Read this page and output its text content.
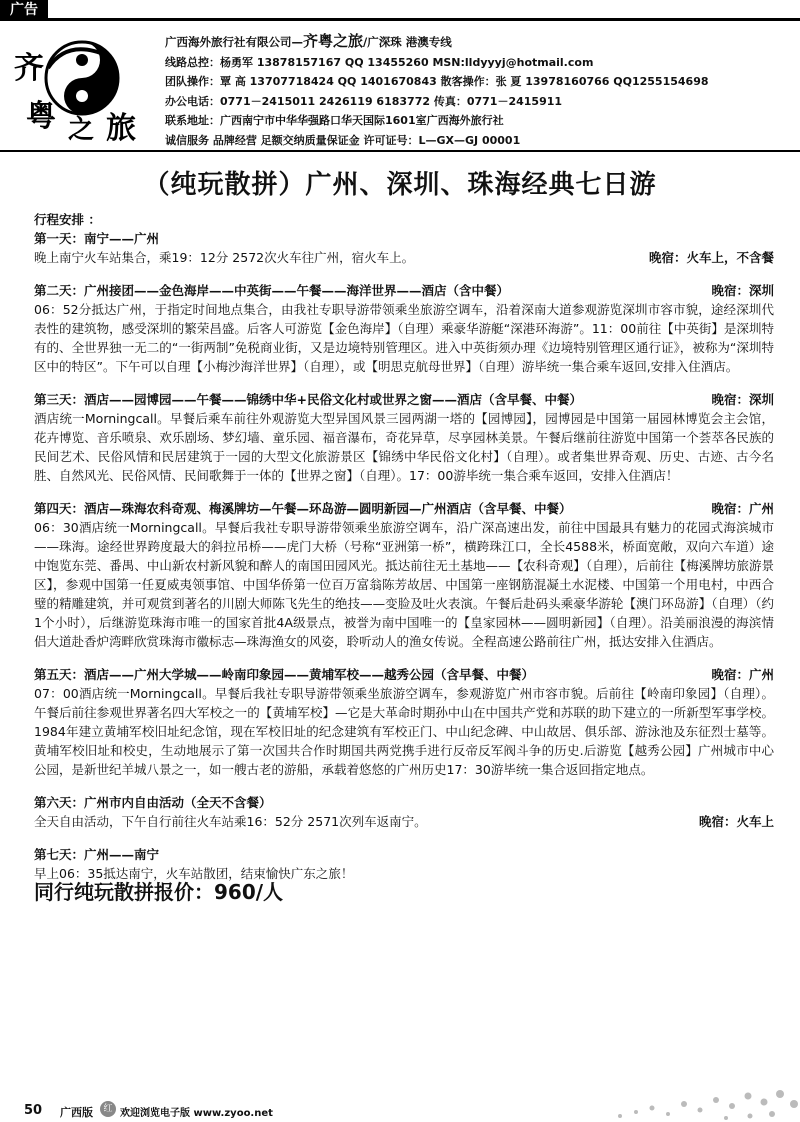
广告
齐
粤 之 旅
广西海外旅行社有限公司—齐粤之旅/广深珠 港澳专线
线路总控：杨勇军 13878157167 QQ 13455260 MSN:lldyyyj@hotmail.com
团队操作：覃 高 13707718424 QQ 1401670843 散客操作：张 夏 13978160766 QQ1255154698
办公电话：0771－2415011 2426119 6183772 传真：0771－2415911
联系地址：广西南宁市中华华强路口华天国际1601室广西海外旅行社
诚信服务 品牌经营 足额交纳质量保证金 许可证号：L—GX—GJ 00001
（纯玩散拼）广州、深圳、珠海经典七日游

行程安排 ：

第一天：南宁——广州
晚上南宁火车站集合，乘19：12分 2572次火车往广州，宿火车上。	晚宿：火车上，不含餐
第二天：广州接团——金色海岸——中英街——午餐——海洋世界——酒店（含中餐）	晚宿：深圳

06：52分抵达广州，于指定时间地点集合，由我社专职导游带领乘坐旅游空调车，沿着深南大道参观游览深圳市容市貌，途经深圳代表性的建筑物，感受深圳的繁荣昌盛。后客人可游览【金色海岸】（自理）乘豪华游艇“深港环海游”。11：00前往【中英街】是深圳特有的、全世界独一无二的“一街两制”免税商业街，又是边境特别管理区。进入中英街须办理《边境特别管理区通行证》，被称为“深圳特区中的特区”。下午可以自理【小梅沙海洋世界】（自理），或【明思克航母世界】（自理）游毕统一集合乘车返回,安排入住酒店。

第三天：酒店——园博园——午餐——锦绣中华+民俗文化村或世界之窗——酒店（含早餐、中餐）	晚宿：深圳

酒店统一Morningcall。早餐后乘车前往外观游览大型异国风景三园两湖一塔的【园博园】，园博园是中国第一届园林博览会主会馆，花卉博览、音乐喷泉、欢乐剧场、梦幻墙、童乐园、福音瀑布，奇花异草，尽享园林美景。午餐后继前往游览中国第一个荟萃各民族的民间艺术、民俗风情和民居建筑于一园的大型文化旅游景区【锦绣中华民俗文化村】（自理）。或者集世界奇观、历史、古迹、古今名胜、自然风光、民俗风情、民间歌舞于一体的【世界之窗】（自理）。17：00游毕统一集合乘车返回，安排入住酒店！

第四天：酒店—珠海农科奇观、梅溪牌坊—午餐—环岛游—圆明新园—广州酒店（含早餐、中餐）	晚宿：广州

06：30酒店统一Morningcall。早餐后我社专职导游带领乘坐旅游空调车，沿广深高速出发，前往中国最具有魅力的花园式海滨城市——珠海。途经世界跨度最大的斜拉吊桥——虎门大桥（号称“亚洲第一桥”，横跨珠江口，全长4588米，桥面宽敞，双向六车道）途中饱览东莞、番禺、中山新农村新风貌和醉人的南国田园风光。抵达前往无土基地——【农科奇观】（自理），后前往【梅溪牌坊旅游景区】，参观中国第一任夏威夷领事馆、中国华侨第一位百万富翁陈芳故居、中国第一座钢筋混凝土水泥楼、中国第一个用电村，中西合璧的精雕建筑，并可观赏到著名的川剧大师陈飞先生的绝技——变脸及吐火表演。午餐后赴码头乘豪华游轮【澳门环岛游】（自理）（约1个小时），后继游览珠海市唯一的国家首批4A级景点，被誉为南中国唯一的【皇家园林——圆明新园】（自理）。沿美丽浪漫的海滨情侣大道赴香炉湾畔欣赏珠海市徽标志—珠海渔女的风姿，聆听动人的渔女传说。全程高速公路前往广州，抵达安排入住酒店。

第五天：酒店——广州大学城——岭南印象园——黄埔军校——越秀公园（含早餐、中餐）	晚宿：广州

07：00酒店统一Morningcall。早餐后我社专职导游带领乘坐旅游空调车，参观游览广州市容市貌。后前往【岭南印象园】（自理）。午餐后前往参观世界著名四大军校之一的【黄埔军校】—它是大革命时期孙中山在中国共产党和苏联的助下建立的一所新型军事学校。1984年建立黄埔军校旧址纪念馆，现在军校旧址的纪念建筑有军校正门、中山纪念碑、中山故居、俱乐部、游泳池及东征烈士墓等。黄埔军校旧址和校史，生动地展示了第一次国共合作时期国共两党携手进行反帝反军阀斗争的历史.后游览【越秀公园】广州城市中心公园，是新世纪羊城八景之一，如一艘古老的游船，承载着悠悠的广州历史17：30游毕统一集合返回指定地点。

第六天：广州市内自由活动（全天不含餐）
全天自由活动，下午自行前往火车站乘16：52分 2571次列车返南宁。	晚宿：火车上
第七天：广州——南宁

早上06：35抵达南宁，火车站散团，结束愉快广东之旅！

同行纯玩散拼报价：960/人

50 广西版	红 欢迎浏览电子版 www.zyoo.net
